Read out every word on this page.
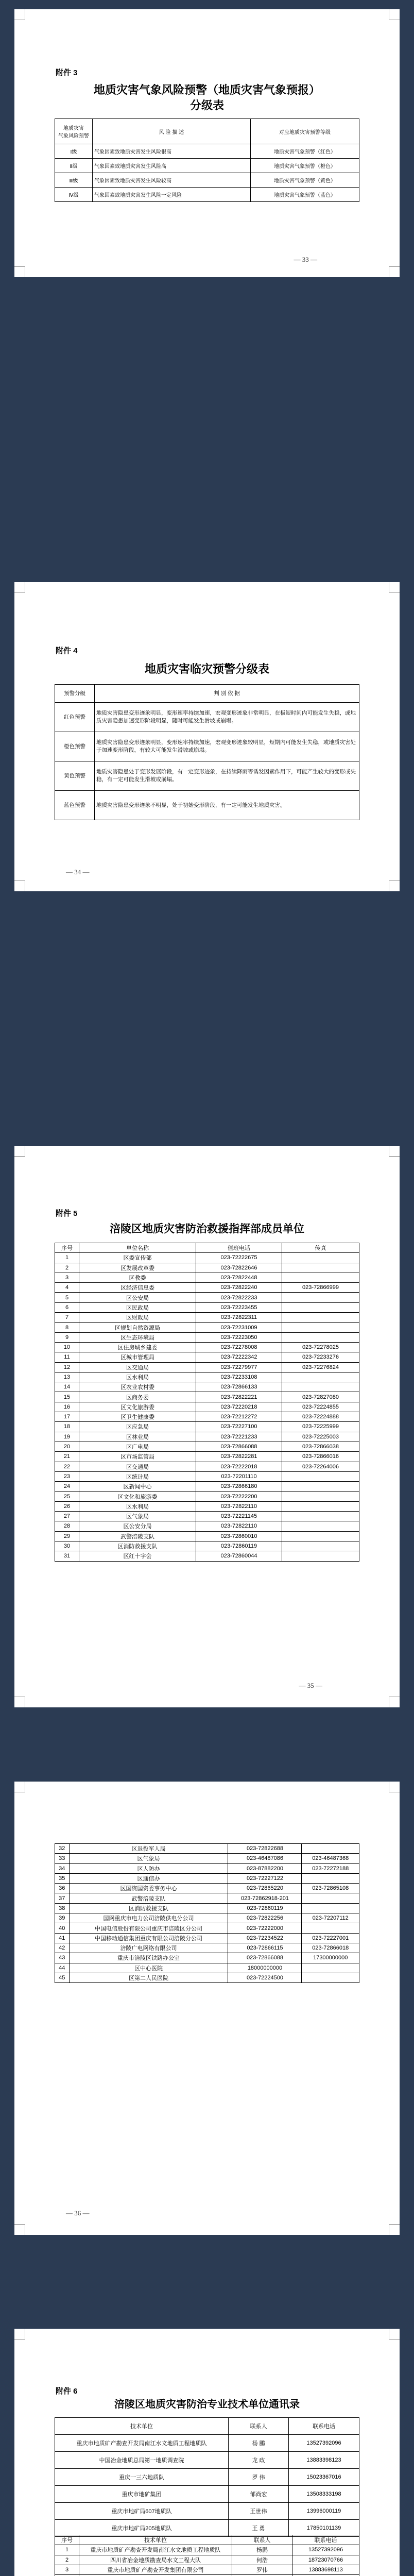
附件 3
地质灾害气象风险预警（地质灾害气象预报）
分级表
地质灾害
气象风险预警	风 险 描 述	对应地质灾害预警等级
Ⅰ级	气象因素致地质灾害发生风险很高	地质灾害气象预警（红色）
Ⅱ级	气象因素致地质灾害发生风险高	地质灾害气象预警（橙色）
Ⅲ级	气象因素致地质灾害发生风险较高	地质灾害气象预警（黄色）
Ⅳ级	气象因素致地质灾害发生风险一定风险	地质灾害气象预警（蓝色）
— 33 —
附件 4
地质灾害临灾预警分级表
预警分级	判 别 依 据
红色预警	地质灾害隐患变形迹象明显，变形速率持续加速，宏观变形迹象非常明显，在极短时间内可能发生失稳，或地质灾害隐患加速变形阶段明显，随时可能发生滑坡或崩塌。
橙色预警	地质灾害隐患变形迹象明显，变形速率持续加速，宏观变形迹象较明显，短期内可能发生失稳，或地质灾害处于加速变形阶段，有较大可能发生滑坡或崩塌。
黄色预警	地质灾害隐患处于变形发展阶段，有一定变形迹象，在持续降雨等诱发因素作用下，可能产生较大的变形或失稳，有一定可能发生滑坡或崩塌。
蓝色预警	地质灾害隐患变形迹象不明显，处于初始变形阶段，有一定可能发生地质灾害。
— 34 —
附件 5
涪陵区地质灾害防治救援指挥部成员单位
序号	单位名称	值班电话	传真
1	区委宣传部	023-72222675	
2	区发展改革委	023-72822646	
3	区教委	023-72822448	
4	区经济信息委	023-72822240	023-72866999
5	区公安局	023-72822233	
6	区民政局	023-72223455	
7	区财政局	023-72822311	
8	区规划自然资源局	023-72231009	
9	区生态环境局	023-72223050	
10	区住房城乡建委	023-72278008	023-72278025
11	区城市管理局	023-72222342	023-72233276
12	区交通局	023-72279977	023-72276824
13	区水利局	023-72233108	
14	区农业农村委	023-72866133	
15	区商务委	023-72822221	023-72827080
16	区文化旅游委	023-72220218	023-72224855
17	区卫生健康委	023-72212272	023-72224888
18	区应急局	023-72227100	023-72225999
19	区林业局	023-72221233	023-72225003
20	区广电局	023-72866088	023-72866038
21	区市场监管局	023-72822281	023-72866016
22	区交通局	023-72222018	023-72264006
23	区统计局	023-72201110	
24	区新闻中心	023-72866180	
25	区文化和旅游委	023-72222200	
26	区水利局	023-72822110	
27	区气象局	023-72221145	
28	区公安分局	023-72822110	
29	武警涪陵支队	023-72860010	
30	区消防救援支队	023-72860119	
31	区红十字会	023-72860044	
— 35 —
32	区退役军人局	023-72822688	
33	区气象局	023-46487086	023-46487368
34	区人防办	023-87882200	023-72272188
35	区通信办	023-72227122	
36	区国资国资委事务中心	023-72865220	023-72865108
37	武警涪陵支队	023-72862918-201	
38	区消防救援支队	023-72860119	
39	国网重庆市电力公司涪陵供电分公司	023-72822256	023-72207112
40	中国电信股份有限公司重庆市涪陵区分公司	023-72222000	
41	中国移动通信集团重庆有限公司涪陵分公司	023-72234522	023-72227001
42	涪陵广电网络有限公司	023-72866115	023-72866018
43	重庆市涪陵区铁路办公室	023-72866088	17300000000
44	区中心医院	18000000000	
45	区第二人民医院	023-72224500	
— 36 —
附件 6
涪陵区地质灾害防治专业技术单位通讯录
技术单位	联系人	联系电话
重庆市地质矿产勘查开发局南江水文地质工程地质队	杨 鹏	13527392096
中国冶金地质总局第一地质调查院	龙 政	13883398123
重庆一三六地质队	罗 伟	15023367016
重庆市地矿集团	邹尚宏	13508333198
重庆市地矿局607地质队	王世伟	13996000119
重庆市地矿局205地质队	王 勇	17850101139
序号	技术单位	联系人	联系电话
1	重庆市地质矿产勘查开发局南江水文地质工程地质队	杨鹏	13527392096
2	四川省冶金地质勘查局水文工程大队	何浩	18723070766
3	重庆市地质矿产勘查开发集团有限公司	罗伟	13883698113
